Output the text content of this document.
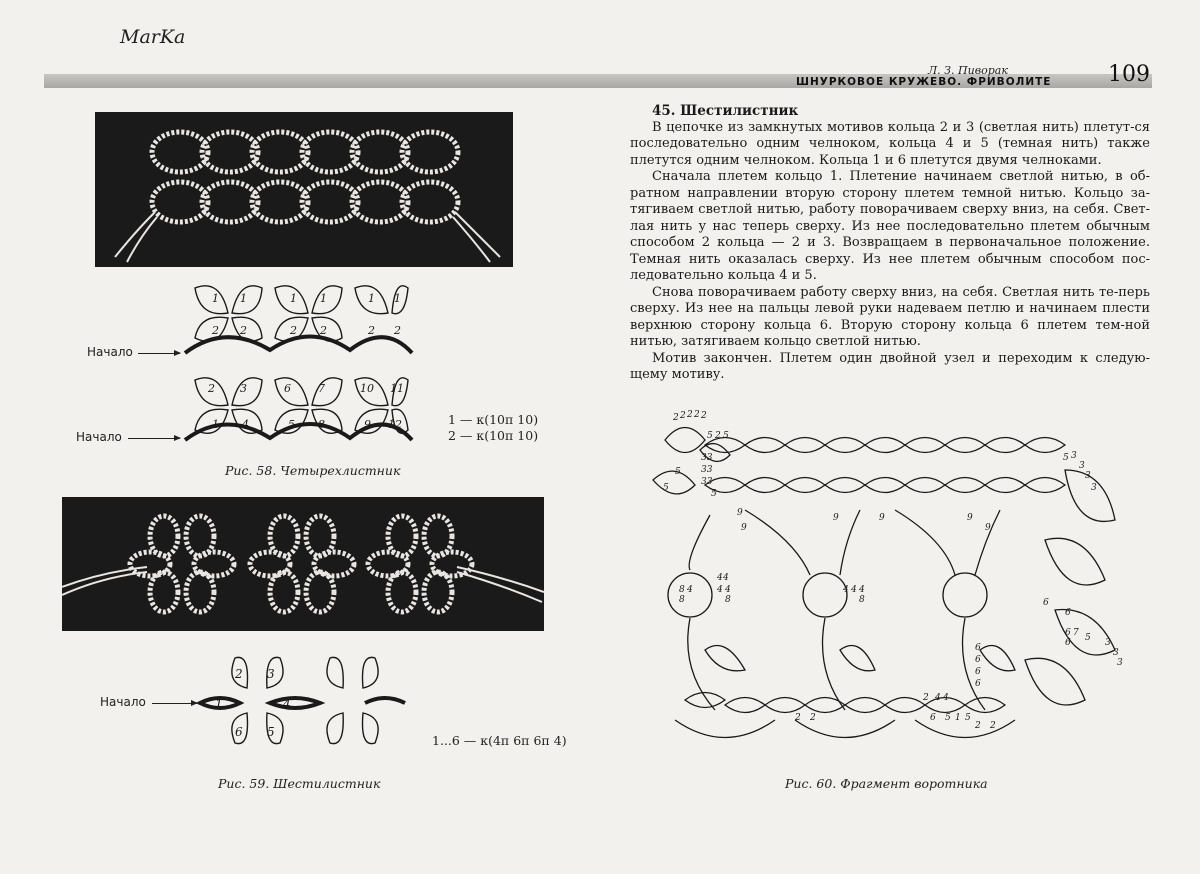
MarKa
Л. З. Пиворак
ШНУРКОВОЕ КРУЖЕВО. ФРИВОЛИТЕ	109
1 1	1 1	1 1
2 2	2 2	2 2
Начало
2 3	6 7	10 11
1 4	5 8	9 12
Начало
1 — к(10п 10)
2 — к(10п 10)
Рис. 58. Четырехлистник
2 3
1	4
6 5
Начало
1...6 — к(4п 6п 6п 4)
Рис. 59. Шестилистник
45. Шестилистник

В цепочке из замкнутых мотивов кольца 2 и 3 (светлая нить) плетут-ся последовательно одним челноком, кольца 4 и 5 (темная нить) также плетутся одним челноком. Кольца 1 и 6 плетутся двумя челноками.

Сначала плетем кольцо 1. Плетение начинаем светлой нитью, в об-ратном направлении вторую сторону плетем темной нитью. Кольцо за-тягиваем светлой нитью, работу поворачиваем сверху вниз, на себя. Свет-лая нить у нас теперь сверху. Из нее последовательно плетем обычным способом 2 кольца — 2 и 3. Возвращаем в первоначальное положение. Темная нить оказалась сверху. Из нее плетем обычным способом пос-ледовательно кольца 4 и 5.

Снова поворачиваем работу сверху вниз, на себя. Светлая нить те-перь сверху. Из нее на пальцы левой руки надеваем петлю и начинаем плести верхнюю сторону кольца 6. Вторую сторону кольца 6 плетем тем-ной нитью, затягиваем кольцо светлой нитью.

Мотив закончен. Плетем один двойной узел и переходим к следую-щему мотиву.

2 2 2 2 2
5 2 5
33
33
5
5
33
5
5 3
3
3
3
9
9
9	9	9
9
4 4
8
8
4	4 4
8
4 4 4
8	6
6
6
6
6
6
6 7
6 5 3
3
3
2 4 4
6 5 1 5
2 2
2 2
Рис. 60. Фрагмент воротника
